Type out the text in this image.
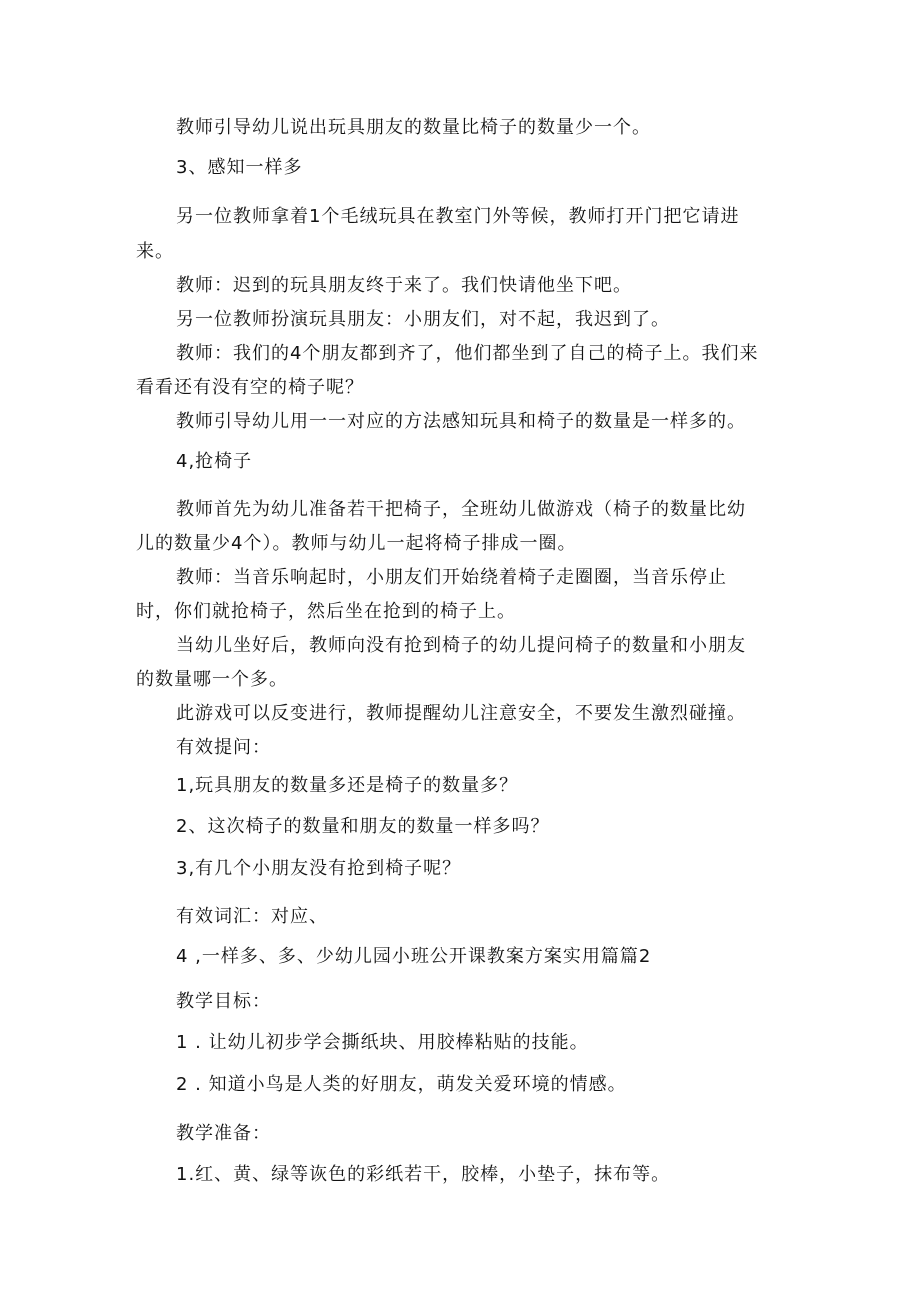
教师引导幼儿说出玩具朋友的数量比椅子的数量少一个。
3、感知一样多
另一位教师拿着1个毛绒玩具在教室门外等候，教师打开门把它请进
来。
教师：迟到的玩具朋友终于来了。我们快请他坐下吧。
另一位教师扮演玩具朋友：小朋友们，对不起，我迟到了。
教师：我们的4个朋友都到齐了，他们都坐到了自己的椅子上。我们来
看看还有没有空的椅子呢？
教师引导幼儿用一一对应的方法感知玩具和椅子的数量是一样多的。
4,抢椅子
教师首先为幼儿准备若干把椅子，全班幼儿做游戏（椅子的数量比幼
儿的数量少4个）。教师与幼儿一起将椅子排成一圈。
教师：当音乐响起时，小朋友们开始绕着椅子走圈圈，当音乐停止
时，你们就抢椅子，然后坐在抢到的椅子上。
当幼儿坐好后，教师向没有抢到椅子的幼儿提问椅子的数量和小朋友
的数量哪一个多。
此游戏可以反变进行，教师提醒幼儿注意安全，不要发生激烈碰撞。
有效提问：
1,玩具朋友的数量多还是椅子的数量多？
2、这次椅子的数量和朋友的数量一样多吗？
3,有几个小朋友没有抢到椅子呢？
有效词汇：对应、
4 ,一样多、多、少幼儿园小班公开课教案方案实用篇篇2
教学目标：
1 . 让幼儿初步学会撕纸块、用胶棒粘贴的技能。
2 . 知道小鸟是人类的好朋友，萌发关爱环境的情感。
教学准备：
1.红、黄、绿等诙色的彩纸若干，胶棒，小垫子，抹布等。
